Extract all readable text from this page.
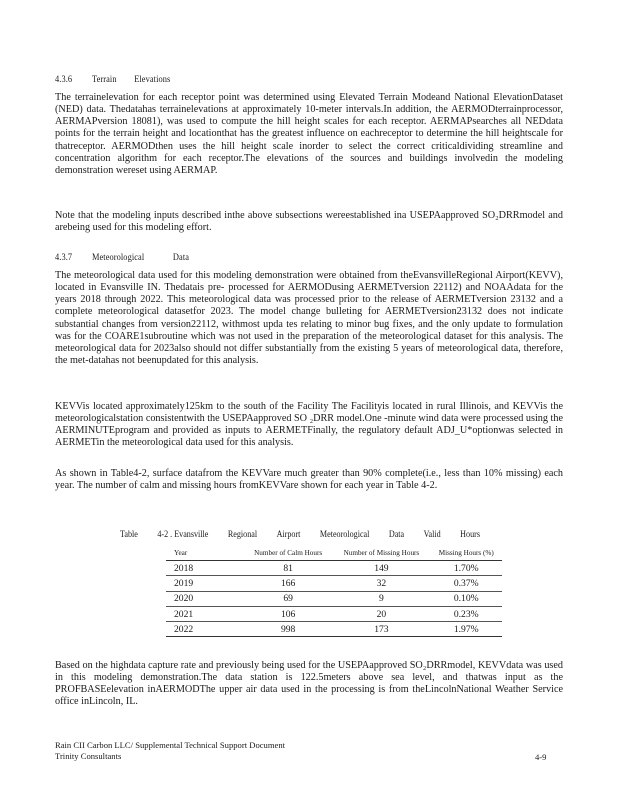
4.3.6 Terrain Elevations

The terrainelevation for each receptor point was determined using Elevated Terrain Modeand National ElevationDataset (NED) data. Thedatahas terrainelevations at approximately 10-meter intervals.In addition, the AERMODterrainprocessor, AERMAPversion 18081), was used to compute the hill height scales for each receptor. AERMAPsearches all NEDdata points for the terrain height and locationthat has the greatest influence on eachreceptor to determine the hill heightscale for thatreceptor. AERMODthen uses the hill height scale inorder to select the correct criticaldividing streamline and concentration algorithm for each receptor.The elevations of the sources and buildings involvedin the modeling demonstration wereset using AERMAP.

Note that the modeling inputs described inthe above subsections wereestablished ina USEPAapproved SO₂DRRmodel and arebeing used for this modeling effort.

4.3.7 Meteorological	Data

The meteorological data used for this modeling demonstration were obtained from theEvansvilleRegional Airport(KEVV), located in Evansville IN. Thedatais pre- processed for AERMODusing AERMETversion 22112) and NOAAdata for the years 2018 through 2022. This meteorological data was processed prior to the release of AERMETversion 23132 and a complete meteorological datasetfor 2023. The model change bulleting for AERMETversion23132 does not indicate substantial changes from version22112, withmost upda tes relating to minor bug fixes, and the only update to formulation was for the COARE1subroutine which was not used in the preparation of the meteorological dataset for this analysis. The meteorological data for 2023also should not differ substantially from the existing 5 years of meteorological data, therefore, the met-datahas not beenupdated for this analysis.

KEVVis located approximately125km to the south of the Facility The Facilityis located in rural Illinois, and KEVVis the meteorologicalstation consistentwith the USEPAapproved SO ₂DRR model.One -minute wind data were processed using the AERMINUTEprogram and provided as inputs to AERMETFinally, the regulatory default ADJ_U*optionwas selected in AERMETin the meteorological data used for this analysis.

As shown in Table4-2, surface datafrom the KEVVare much greater than 90% complete(i.e., less than 10% missing) each year. The number of calm and missing hours fromKEVVare shown for each year in Table 4-2.

Table 4-2 . Evansville Regional Airport Meteorological Data Valid Hours
Year	Number of Calm Hours	Number of Missing Hours	Missing Hours (%)
2018	81	149	1.70%
2019	166	32	0.37%
2020	69	9	0.10%
2021	106	20	0.23%
2022	998	173	1.97%

Based on the highdata capture rate and previously being used for the USEPAapproved SO₂DRRmodel, KEVVdata was used in this modeling demonstration.The data station is 122.5meters above sea level, and thatwas input as the PROFBASEelevation inAERMODThe upper air data used in the processing is from theLincolnNational Weather Service office inLincoln, IL.

Rain CII Carbon LLC/ Supplemental Technical Support Document
Trinity Consultants	4-9
